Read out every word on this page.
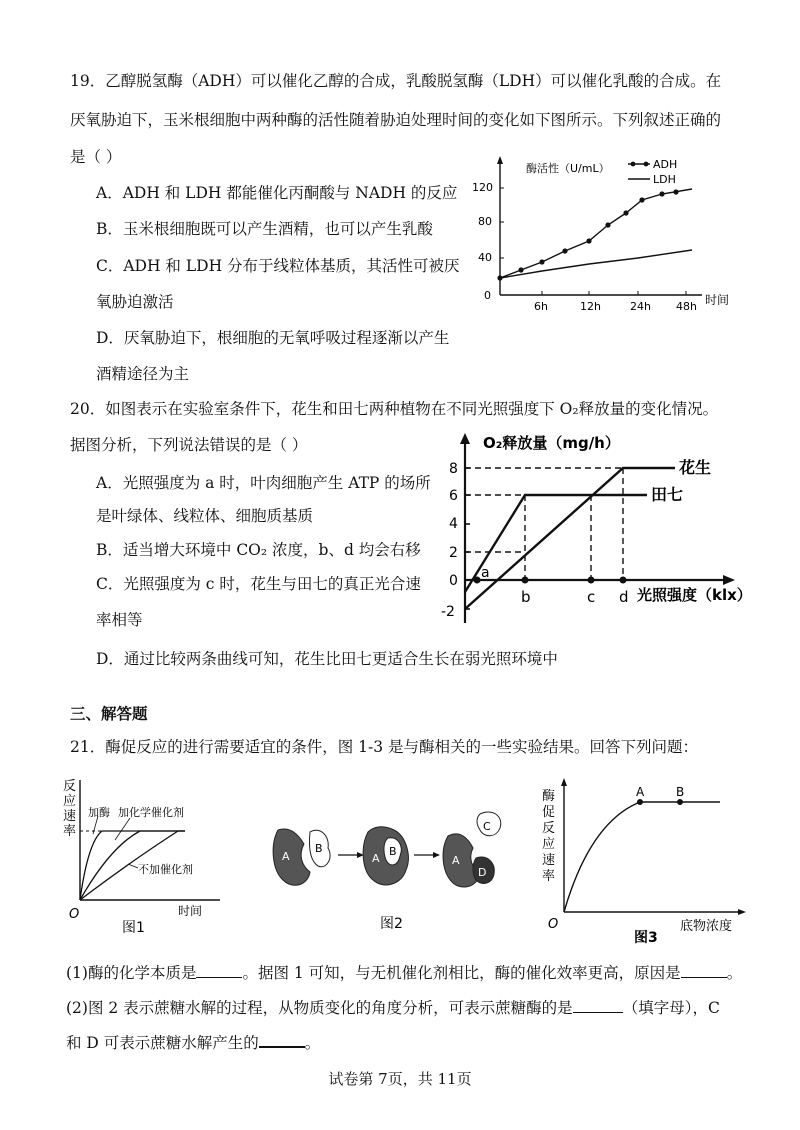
19．乙醇脱氢酶（ADH）可以催化乙醇的合成，乳酸脱氢酶（LDH）可以催化乳酸的合成。在
厌氧胁迫下，玉米根细胞中两种酶的活性随着胁迫处理时间的变化如下图所示。下列叙述正确的
是（ ）
A．ADH 和 LDH 都能催化丙酮酸与 NADH 的反应
B．玉米根细胞既可以产生酒精，也可以产生乳酸
C．ADH 和 LDH 分布于线粒体基质，其活性可被厌
氧胁迫激活
D．厌氧胁迫下，根细胞的无氧呼吸过程逐渐以产生
酒精途径为主
酶活性（U/mL）
时间
0
40
80
120
6h	12h	24h 48h
ADH
LDH
20．如图表示在实验室条件下，花生和田七两种植物在不同光照强度下 O₂释放量的变化情况。
据图分析，下列说法错误的是（ ）
A．光照强度为 a 时，叶肉细胞产生 ATP 的场所
是叶绿体、线粒体、细胞质基质
B．适当增大环境中 CO₂ 浓度，b、d 均会右移
C．光照强度为 c 时，花生与田七的真正光合速
率相等
D．通过比较两条曲线可知，花生比田七更适合生长在弱光照环境中
O₂释放量（mg/h）
光照强度（klx）
8
6
4
2
0
-2
a
b	c d
花生
田七
三、解答题
21．酶促反应的进行需要适宜的条件，图 1-3 是与酶相关的一些实验结果。回答下列问题：
反
应
速
率
O	时间
加酶 加化学催化剂
不加催化剂
图1
A
B
A
B
A
C
D
图2
酶
促
反
应
速
率
O	底物浓度
A	B
图3
(1)酶的化学本质是	。据图 1 可知，与无机催化剂相比，酶的催化效率更高，原因是	。
(2)图 2 表示蔗糖水解的过程，从物质变化的角度分析，可表示蔗糖酶的是	（填字母），C
和 D 可表示蔗糖水解产生的	。
试卷第 7页，共 11页
